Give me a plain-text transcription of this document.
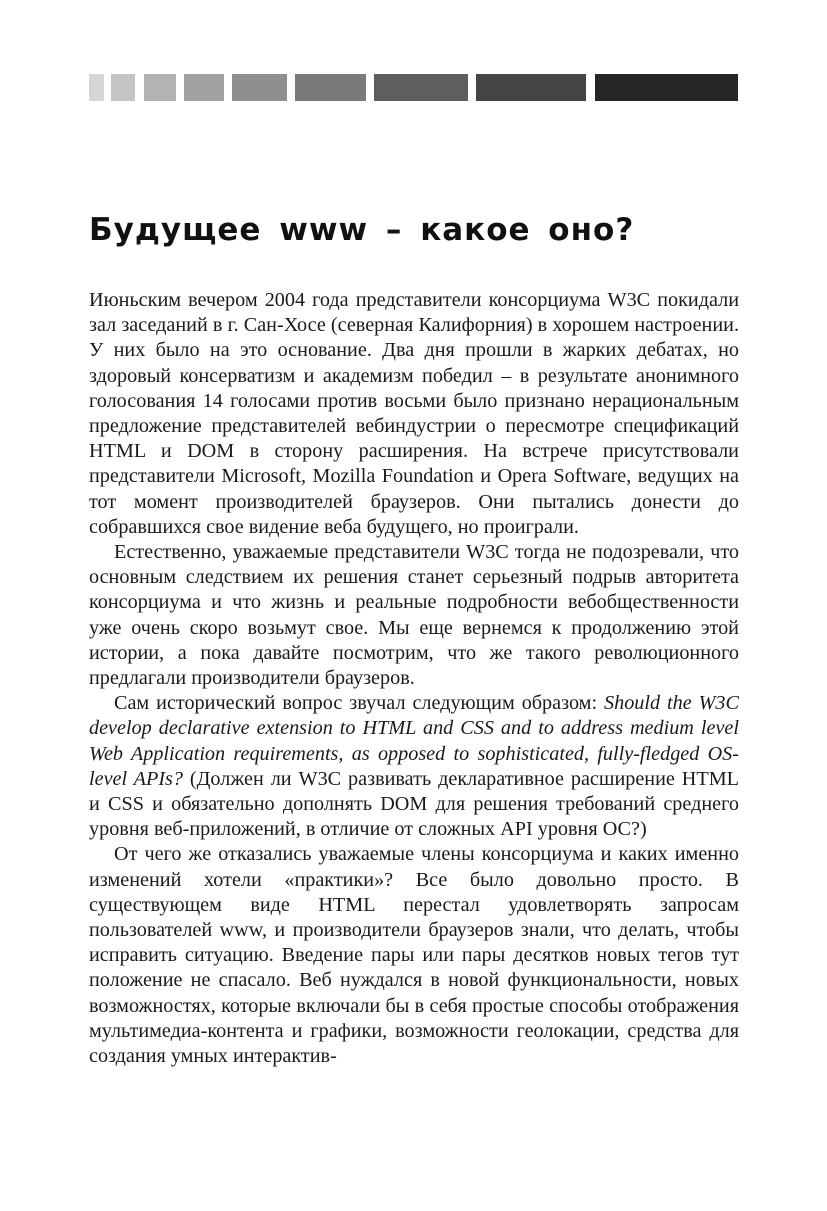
Будущее www – какое оно?

Июньским вечером 2004 года представители консорциума W3C покидали зал заседаний в г. Сан-Хосе (северная Калифорния) в хорошем настроении. У них было на это основание. Два дня прошли в жарких дебатах, но здоровый консерватизм и академизм победил – в результате анонимного голосования 14 голосами против восьми было признано нерациональным предложение представителей вебиндустрии о пересмотре спецификаций HTML и DOM в сторону расширения. На встрече присутствовали представители Microsoft, Mozilla Foundation и Opera Software, ведущих на тот момент производителей браузеров. Они пытались донести до собравшихся свое видение веба будущего, но проиграли.

Естественно, уважаемые представители W3C тогда не подозревали, что основным следствием их решения станет серьезный подрыв авторитета консорциума и что жизнь и реальные подробности вебобщественности уже очень скоро возьмут свое. Мы еще вернемся к продолжению этой истории, а пока давайте посмотрим, что же такого революционного предлагали производители браузеров.

Сам исторический вопрос звучал следующим образом: Should the W3C develop declarative extension to HTML and CSS and to address medium level Web Application requirements, as opposed to sophisticated, fully-fledged OS-level APIs? (Должен ли W3C развивать декларативное расширение HTML и CSS и обязательно дополнять DOM для решения требований среднего уровня веб-приложений, в отличие от сложных API уровня ОС?)

От чего же отказались уважаемые члены консорциума и каких именно изменений хотели «практики»? Все было довольно просто. В существующем виде HTML перестал удовлетворять запросам пользователей www, и производители браузеров знали, что делать, чтобы исправить ситуацию. Введение пары или пары десятков новых тегов тут положение не спасало. Веб нуждался в новой функциональности, новых возможностях, которые включали бы в себя простые способы отображения мультимедиа-контента и графики, возможности геолокации, средства для создания умных интерактив-
